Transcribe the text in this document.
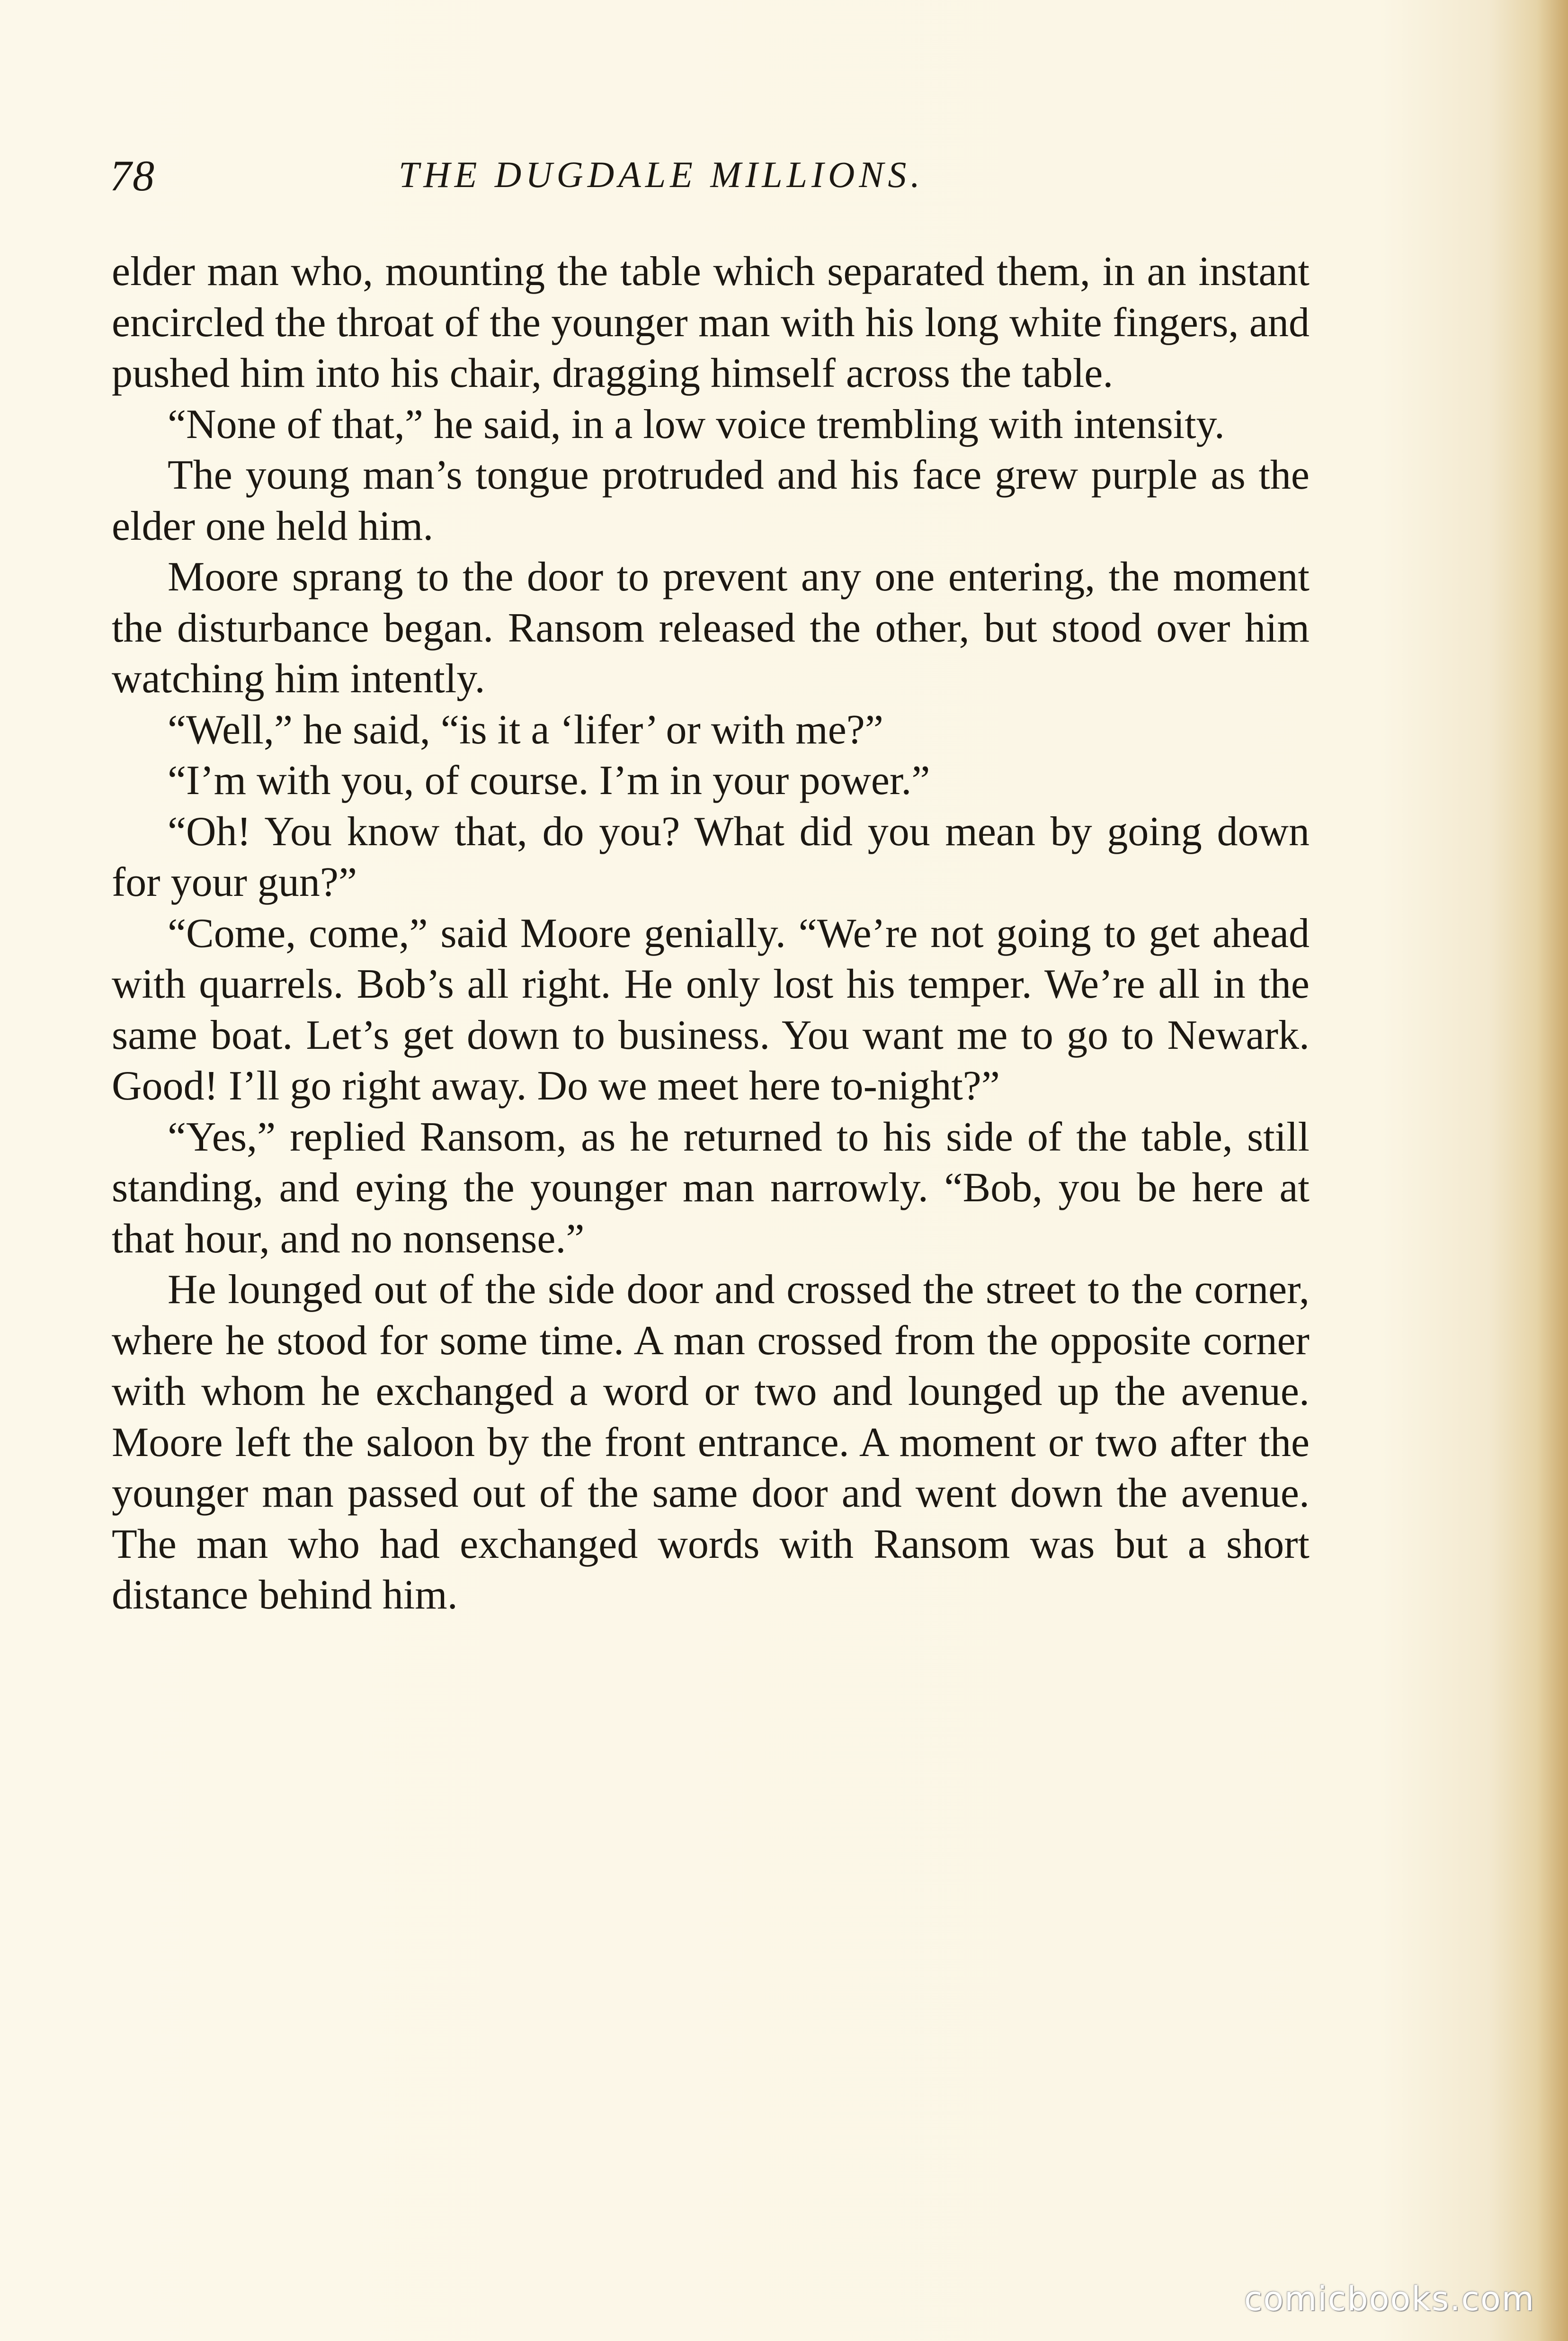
78	THE DUGDALE MILLIONS.

elder man who, mounting the table which separated them, in an instant encircled the throat of the younger man with his long white fingers, and pushed him into his chair, dragging himself across the table.

“None of that,” he said, in a low voice trembling with intensity.

The young man’s tongue protruded and his face grew purple as the elder one held him.

Moore sprang to the door to prevent any one entering, the moment the disturbance began. Ransom released the other, but stood over him watching him intently.

“Well,” he said, “is it a ‘lifer’ or with me?”

“I’m with you, of course. I’m in your power.”

“Oh! You know that, do you? What did you mean by going down for your gun?”

“Come, come,” said Moore genially. “We’re not going to get ahead with quarrels. Bob’s all right. He only lost his temper. We’re all in the same boat. Let’s get down to business. You want me to go to Newark. Good! I’ll go right away. Do we meet here to-night?”

“Yes,” replied Ransom, as he returned to his side of the table, still standing, and eying the younger man narrowly. “Bob, you be here at that hour, and no nonsense.”

He lounged out of the side door and crossed the street to the corner, where he stood for some time. A man crossed from the opposite corner with whom he exchanged a word or two and lounged up the avenue. Moore left the saloon by the front entrance. A moment or two after the younger man passed out of the same door and went down the avenue. The man who had exchanged words with Ransom was but a short distance behind him.

comicbooks.com
